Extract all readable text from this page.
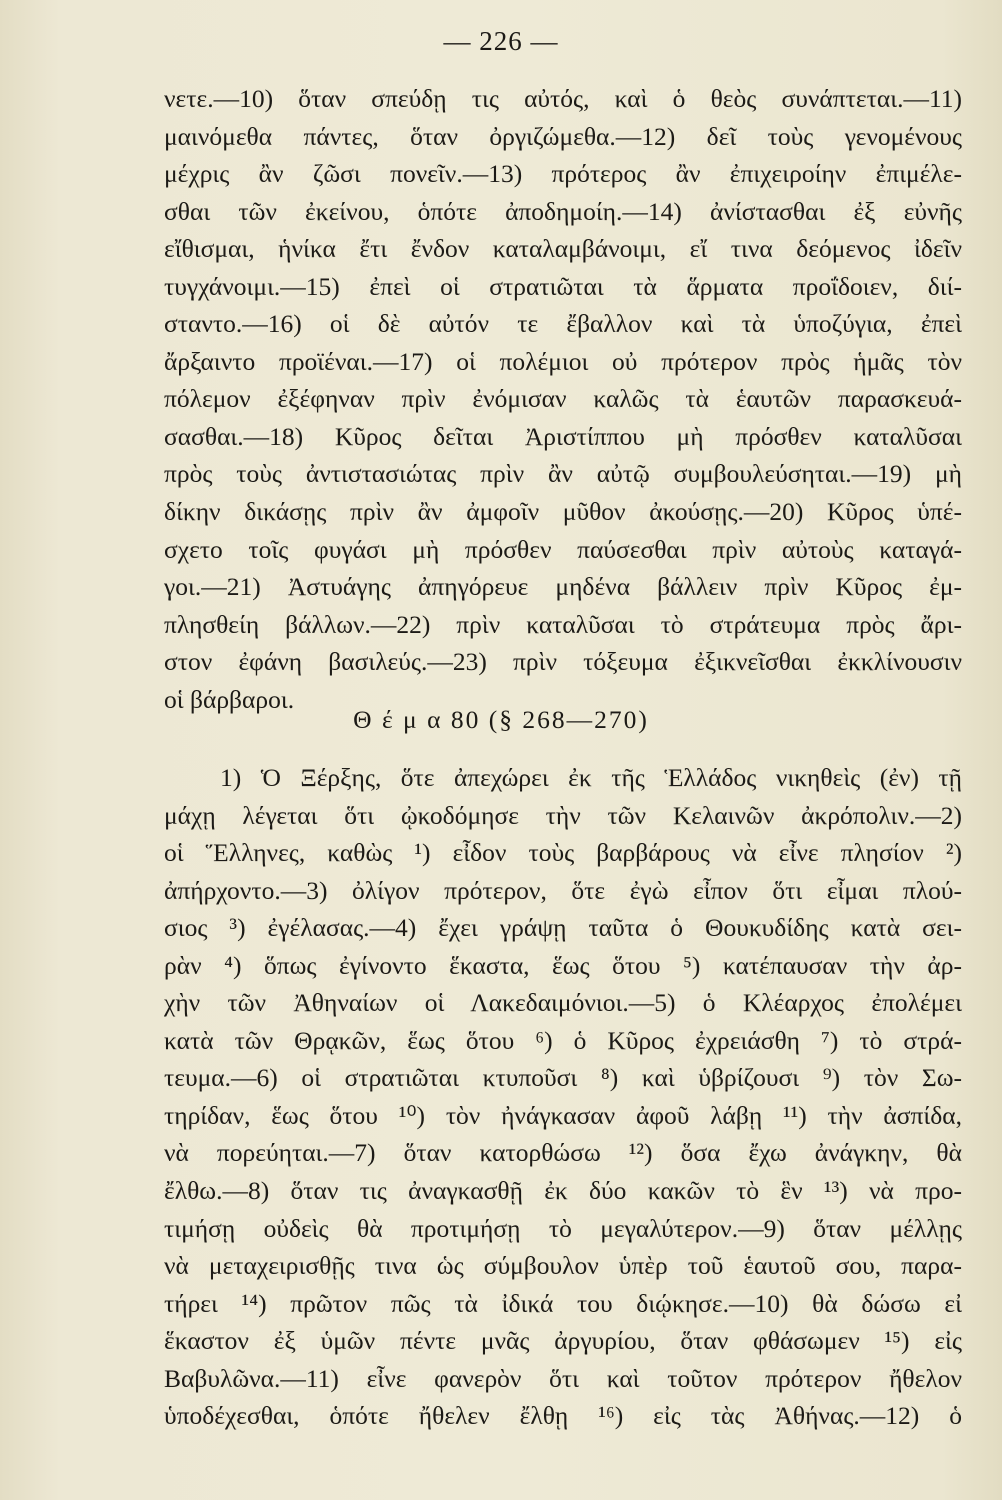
— 226 —
νετε.—10) ὅταν σπεύδῃ τις αὐτός, καὶ ὁ θεὸς συνάπτεται.—11)
μαινόμεθα πάντες, ὅταν ὀργιζώμεθα.—12) δεῖ τοὺς γενομένους
μέχρις ἂν ζῶσι πονεῖν.—13) πρότερος ἂν ἐπιχειροίην ἐπιμέλε-
σθαι τῶν ἐκείνου, ὁπότε ἀποδημοίη.—14) ἀνίστασθαι ἐξ εὐνῆς
εἴθισμαι, ἡνίκα ἔτι ἔνδον καταλαμβάνοιμι, εἴ τινα δεόμενος ἰδεῖν
τυγχάνοιμι.—15) ἐπεὶ οἱ στρατιῶται τὰ ἅρματα προΐδοιεν, διί-
σταντο.—16) οἱ δὲ αὐτόν τε ἔβαλλον καὶ τὰ ὑποζύγια, ἐπεὶ
ἄρξαιντο προϊέναι.—17) οἱ πολέμιοι οὐ πρότερον πρὸς ἡμᾶς τὸν
πόλεμον ἐξέφηναν πρὶν ἐνόμισαν καλῶς τὰ ἑαυτῶν παρασκευά-
σασθαι.—18) Κῦρος δεῖται Ἀριστίππου μὴ πρόσθεν καταλῦσαι
πρὸς τοὺς ἀντιστασιώτας πρὶν ἂν αὐτῷ συμβουλεύσηται.—19) μὴ
δίκην δικάσῃς πρὶν ἂν ἀμφοῖν μῦθον ἀκούσῃς.—20) Κῦρος ὑπέ-
σχετο τοῖς φυγάσι μὴ πρόσθεν παύσεσθαι πρὶν αὐτοὺς καταγά-
γοι.—21) Ἀστυάγης ἀπηγόρευε μηδένα βάλλειν πρὶν Κῦρος ἐμ-
πλησθείη βάλλων.—22) πρὶν καταλῦσαι τὸ στράτευμα πρὸς ἄρι-
στον ἐφάνη βασιλεύς.—23) πρὶν τόξευμα ἐξικνεῖσθαι ἐκκλίνουσιν
οἱ βάρβαροι.
Θ έ μ α 80 (§ 268—270)
1) Ὁ Ξέρξης, ὅτε ἀπεχώρει ἐκ τῆς Ἑλλάδος νικηθεὶς (ἐν) τῇ
μάχῃ λέγεται ὅτι ᾠκοδόμησε τὴν τῶν Κελαινῶν ἀκρόπολιν.—2)
οἱ Ἕλληνες, καθὼς ¹) εἶδον τοὺς βαρβάρους νὰ εἶνε πλησίον ²)
ἀπήρχοντο.—3) ὀλίγον πρότερον, ὅτε ἐγὼ εἶπον ὅτι εἶμαι πλού-
σιος ³) ἐγέλασας.—4) ἔχει γράψῃ ταῦτα ὁ Θουκυδίδης κατὰ σει-
ρὰν ⁴) ὅπως ἐγίνοντο ἕκαστα, ἕως ὅτου ⁵) κατέπαυσαν τὴν ἀρ-
χὴν τῶν Ἀθηναίων οἱ Λακεδαιμόνιοι.—5) ὁ Κλέαρχος ἐπολέμει
κατὰ τῶν Θρᾳκῶν, ἕως ὅτου ⁶) ὁ Κῦρος ἐχρειάσθη ⁷) τὸ στρά-
τευμα.—6) οἱ στρατιῶται κτυποῦσι ⁸) καὶ ὑβρίζουσι ⁹) τὸν Σω-
τηρίδαν, ἕως ὅτου ¹⁰) τὸν ἠνάγκασαν ἀφοῦ λάβῃ ¹¹) τὴν ἀσπίδα,
νὰ πορεύηται.—7) ὅταν κατορθώσω ¹²) ὅσα ἔχω ἀνάγκην, θὰ
ἔλθω.—8) ὅταν τις ἀναγκασθῇ ἐκ δύο κακῶν τὸ ἓν ¹³) νὰ προ-
τιμήσῃ οὐδεὶς θὰ προτιμήσῃ τὸ μεγαλύτερον.—9) ὅταν μέλλῃς
νὰ μεταχειρισθῇς τινα ὡς σύμβουλον ὑπὲρ τοῦ ἑαυτοῦ σου, παρα-
τήρει ¹⁴) πρῶτον πῶς τὰ ἰδικά του διῴκησε.—10) θὰ δώσω εἰ
ἕκαστον ἐξ ὑμῶν πέντε μνᾶς ἀργυρίου, ὅταν φθάσωμεν ¹⁵) εἰς
Βαβυλῶνα.—11) εἶνε φανερὸν ὅτι καὶ τοῦτον πρότερον ἤθελον
ὑποδέχεσθαι, ὁπότε ἤθελεν ἔλθῃ ¹⁶) εἰς τὰς Ἀθήνας.—12) ὁ
